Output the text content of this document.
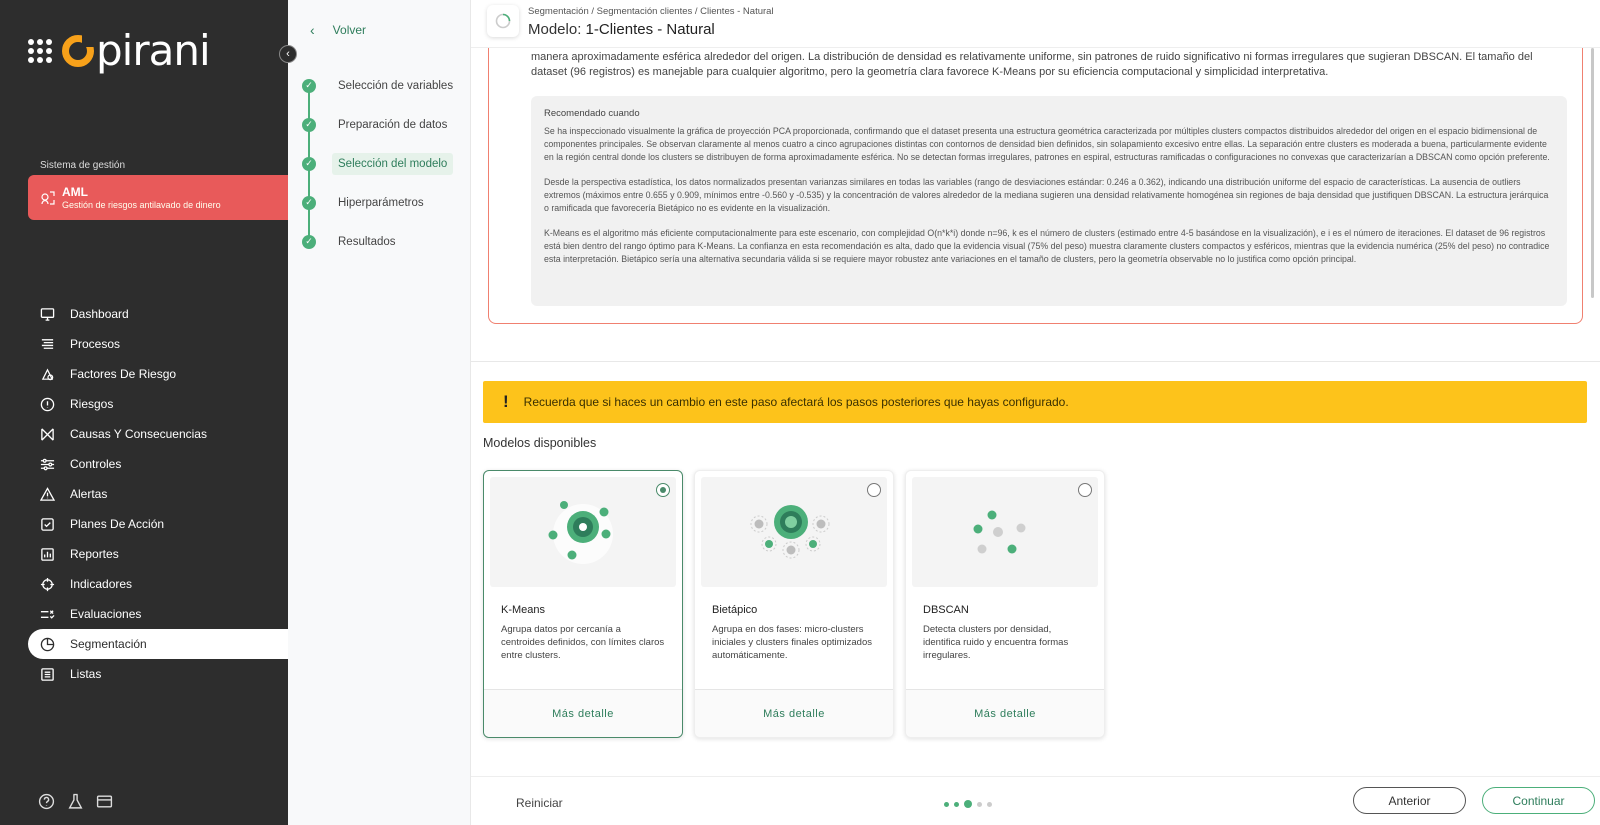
pirani
Sistema de gestión
AML
Gestión de riesgos antilavado de dinero
Dashboard
Procesos
Factores De Riesgo
Riesgos
Causas Y Consecuencias
Controles
Alertas
Planes De Acción
Reportes
Indicadores
Evaluaciones
Segmentación
Listas
‹
‹ Volver
✓	Selección de variables
✓	Preparación de datos
✓	Selección del modelo
✓	Hiperparámetros
✓	Resultados
Segmentación / Segmentación clientes / Clientes - Natural
Modelo: 1-Clientes - Natural
manera aproximadamente esférica alrededor del origen. La distribución de densidad es relativamente uniforme, sin patrones de ruido significativo ni formas irregulares que sugieran DBSCAN. El tamaño del dataset (96 registros) es manejable para cualquier algoritmo, pero la geometría clara favorece K-Means por su eficiencia computacional y simplicidad interpretativa.
Recomendado cuando

Se ha inspeccionado visualmente la gráfica de proyección PCA proporcionada, confirmando que el dataset presenta una estructura geométrica caracterizada por múltiples clusters compactos distribuidos alrededor del origen en el espacio bidimensional de componentes principales. Se observan claramente al menos cuatro a cinco agrupaciones distintas con contornos de densidad bien definidos, sin solapamiento excesivo entre ellas. La separación entre clusters es moderada a buena, particularmente evidente en la región central donde los clusters se distribuyen de forma aproximadamente esférica. No se detectan formas irregulares, patrones en espiral, estructuras ramificadas o configuraciones no convexas que caracterizarían a DBSCAN como opción preferente.

Desde la perspectiva estadística, los datos normalizados presentan varianzas similares en todas las variables (rango de desviaciones estándar: 0.246 a 0.362), indicando una distribución uniforme del espacio de características. La ausencia de outliers extremos (máximos entre 0.655 y 0.909, mínimos entre -0.560 y -0.535) y la concentración de valores alrededor de la mediana sugieren una densidad relativamente homogénea sin regiones de baja densidad que justifiquen DBSCAN. La estructura jerárquica o ramificada que favorecería Bietápico no es evidente en la visualización.

K-Means es el algoritmo más eficiente computacionalmente para este escenario, con complejidad O(n*k*i) donde n=96, k es el número de clusters (estimado entre 4-5 basándose en la visualización), e i es el número de iteraciones. El dataset de 96 registros está bien dentro del rango óptimo para K-Means. La confianza en esta recomendación es alta, dado que la evidencia visual (75% del peso) muestra claramente clusters compactos y esféricos, mientras que la evidencia numérica (25% del peso) no contradice esta interpretación. Bietápico sería una alternativa secundaria válida si se requiere mayor robustez ante variaciones en el tamaño de clusters, pero la geometría observable no lo justifica como opción principal.

! Recuerda que si haces un cambio en este paso afectará los pasos posteriores que hayas configurado.
Modelos disponibles
K-Means
Agrupa datos por cercanía a centroides definidos, con límites claros entre clusters.
Más detalle
Bietápico
Agrupa en dos fases: micro-clusters iniciales y clusters finales optimizados automáticamente.
Más detalle
DBSCAN
Detecta clusters por densidad, identifica ruido y encuentra formas irregulares.
Más detalle
Reiniciar	Anterior	Continuar
